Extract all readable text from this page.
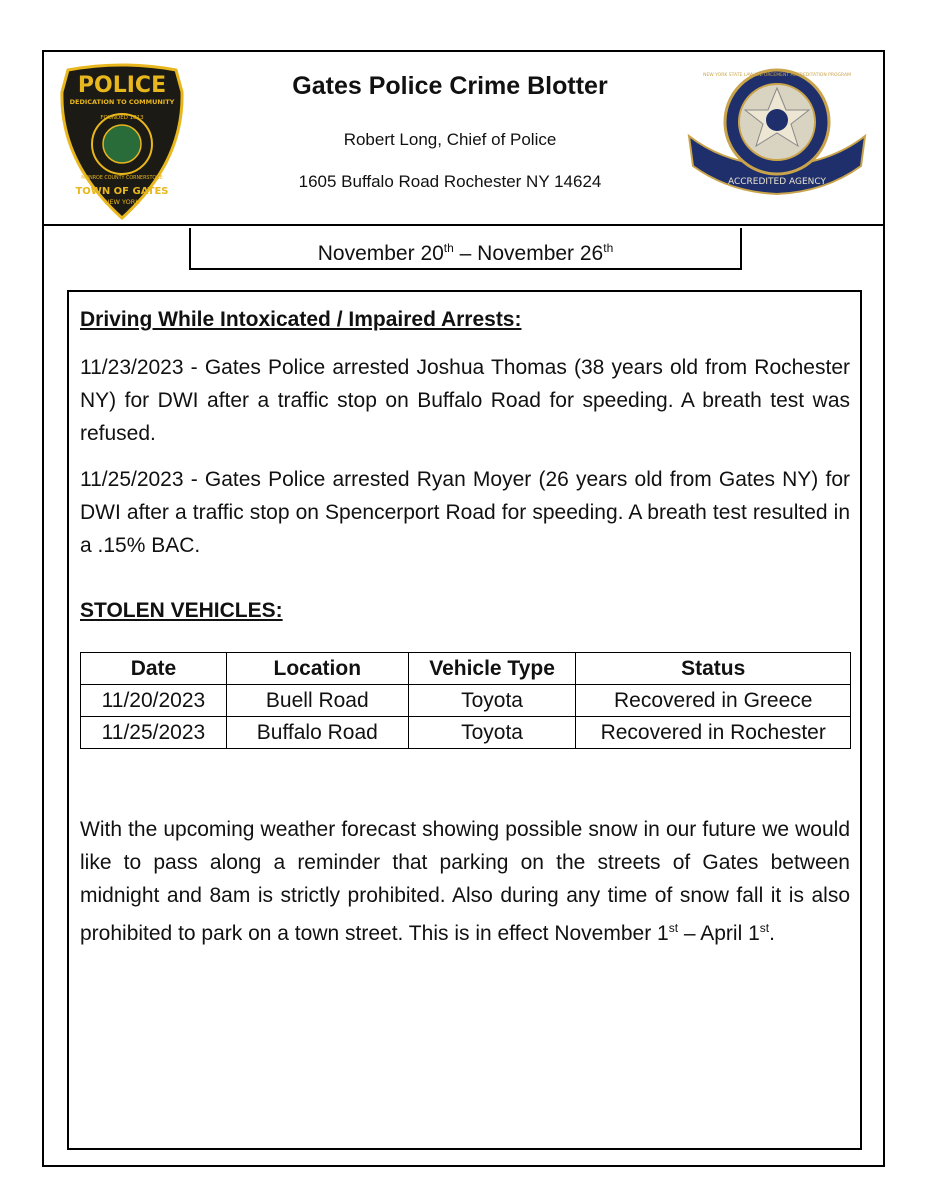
POLICE
DEDICATION TO COMMUNITY
FOUNDED 1813
MONROE COUNTY CORNERSTONE
TOWN OF GATES
NEW YORK
Gates Police Crime Blotter
Robert Long, Chief of Police
1605 Buffalo Road Rochester NY 14624
NEW YORK STATE LAW ENFORCEMENT ACCREDITATION PROGRAM
ACCREDITED AGENCY
November 20th – November 26th
Driving While Intoxicated / Impaired Arrests:
11/23/2023 - Gates Police arrested Joshua Thomas (38 years old from Rochester NY) for DWI after a traffic stop on Buffalo Road for speeding. A breath test was refused.
11/25/2023 - Gates Police arrested Ryan Moyer (26 years old from Gates NY) for DWI after a traffic stop on Spencerport Road for speeding. A breath test resulted in a .15% BAC.
STOLEN VEHICLES:
Date	Location	Vehicle Type	Status
11/20/2023	Buell Road	Toyota	Recovered in Greece
11/25/2023	Buffalo Road	Toyota	Recovered in Rochester
With the upcoming weather forecast showing possible snow in our future we would like to pass along a reminder that parking on the streets of Gates between midnight and 8am is strictly prohibited. Also during any time of snow fall it is also prohibited to park on a town street. This is in effect November 1st – April 1st.
